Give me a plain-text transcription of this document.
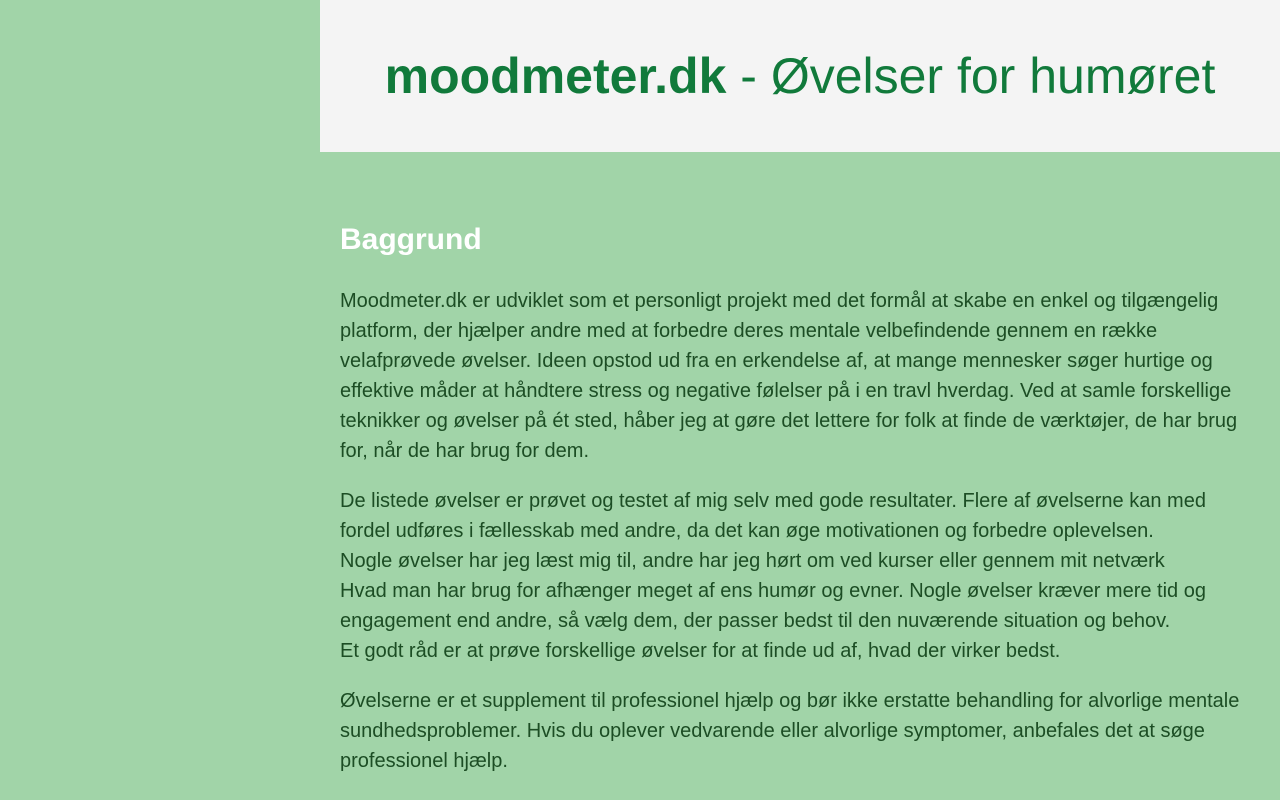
moodmeter.dk - Øvelser for humøret
Baggrund

Moodmeter.dk er udviklet som et personligt projekt med det formål at skabe en enkel og tilgængelig platform, der hjælper andre med at forbedre deres mentale velbefindende gennem en række velafprøvede øvelser. Ideen opstod ud fra en erkendelse af, at mange mennesker søger hurtige og effektive måder at håndtere stress og negative følelser på i en travl hverdag. Ved at samle forskellige teknikker og øvelser på ét sted, håber jeg at gøre det lettere for folk at finde de værktøjer, de har brug for, når de har brug for dem.

De listede øvelser er prøvet og testet af mig selv med gode resultater. Flere af øvelserne kan med fordel udføres i fællesskab med andre, da det kan øge motivationen og forbedre oplevelsen.
Nogle øvelser har jeg læst mig til, andre har jeg hørt om ved kurser eller gennem mit netværk
Hvad man har brug for afhænger meget af ens humør og evner. Nogle øvelser kræver mere tid og engagement end andre, så vælg dem, der passer bedst til den nuværende situation og behov.
Et godt råd er at prøve forskellige øvelser for at finde ud af, hvad der virker bedst.

Øvelserne er et supplement til professionel hjælp og bør ikke erstatte behandling for alvorlige mentale sundhedsproblemer. Hvis du oplever vedvarende eller alvorlige symptomer, anbefales det at søge professionel hjælp.
